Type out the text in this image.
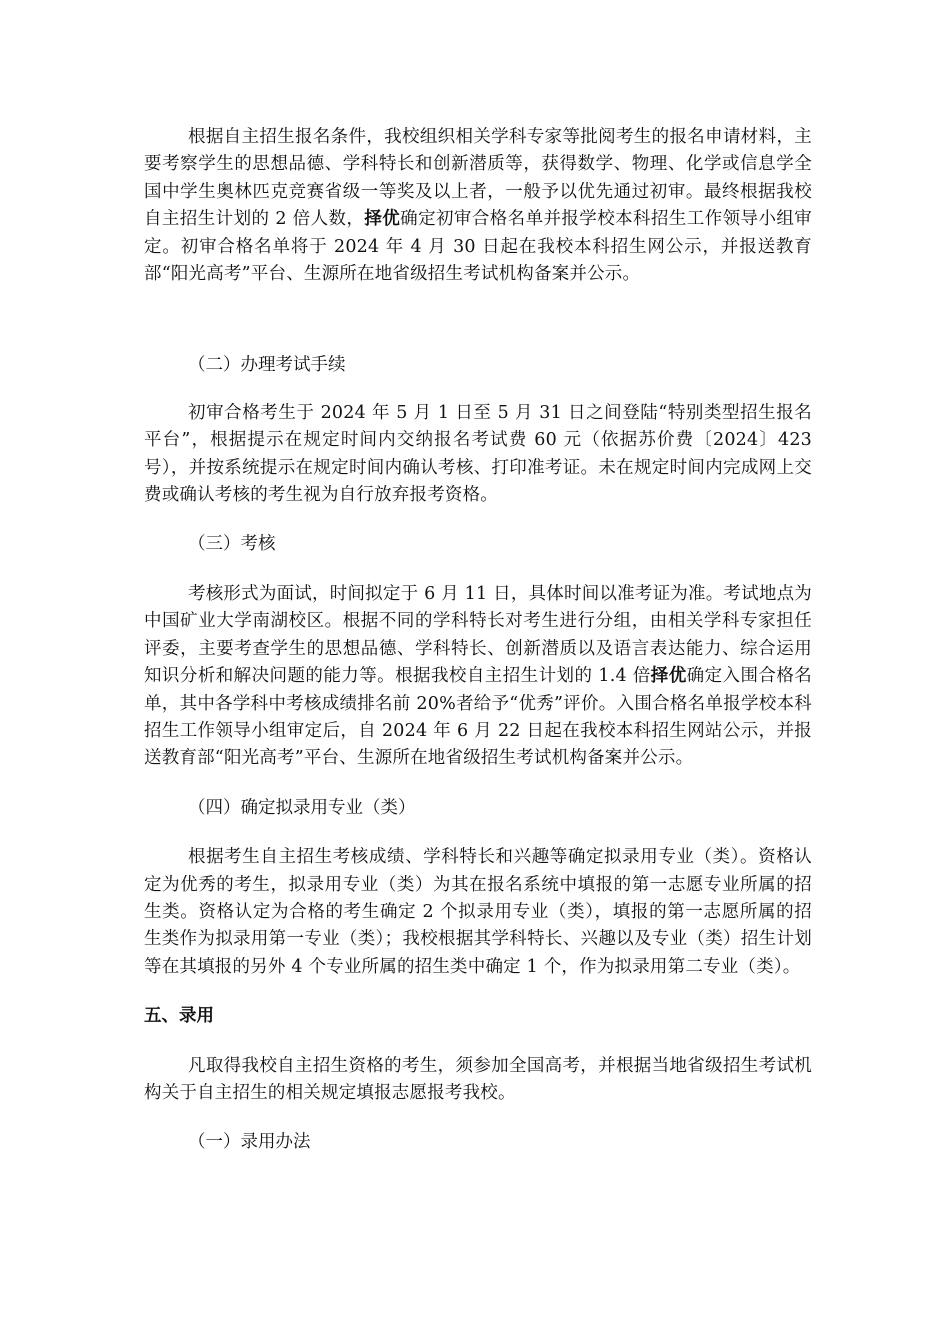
根据自主招生报名条件，我校组织相关学科专家等批阅考生的报名申请材料，主要考察学生的思想品德、学科特长和创新潜质等，获得数学、物理、化学或信息学全国中学生奥林匹克竞赛省级一等奖及以上者，一般予以优先通过初审。最终根据我校自主招生计划的 2 倍人数，择优确定初审合格名单并报学校本科招生工作领导小组审定。初审合格名单将于 2024 年 4 月 30 日起在我校本科招生网公示，并报送教育部“阳光高考”平台、生源所在地省级招生考试机构备案并公示。

（二）办理考试手续

初审合格考生于 2024 年 5 月 1 日至 5 月 31 日之间登陆“特别类型招生报名平台”，根据提示在规定时间内交纳报名考试费 60 元（依据苏价费〔2024〕423 号），并按系统提示在规定时间内确认考核、打印准考证。未在规定时间内完成网上交费或确认考核的考生视为自行放弃报考资格。

（三）考核

考核形式为面试，时间拟定于 6 月 11 日，具体时间以准考证为准。考试地点为中国矿业大学南湖校区。根据不同的学科特长对考生进行分组，由相关学科专家担任评委，主要考查学生的思想品德、学科特长、创新潜质以及语言表达能力、综合运用知识分析和解决问题的能力等。根据我校自主招生计划的 1.4 倍择优确定入围合格名单，其中各学科中考核成绩排名前 20%者给予“优秀”评价。入围合格名单报学校本科招生工作领导小组审定后，自 2024 年 6 月 22 日起在我校本科招生网站公示，并报送教育部“阳光高考”平台、生源所在地省级招生考试机构备案并公示。

（四）确定拟录用专业（类）

根据考生自主招生考核成绩、学科特长和兴趣等确定拟录用专业（类）。资格认定为优秀的考生，拟录用专业（类）为其在报名系统中填报的第一志愿专业所属的招生类。资格认定为合格的考生确定 2 个拟录用专业（类），填报的第一志愿所属的招生类作为拟录用第一专业（类）；我校根据其学科特长、兴趣以及专业（类）招生计划等在其填报的另外 4 个专业所属的招生类中确定 1 个，作为拟录用第二专业（类）。

五、录用

凡取得我校自主招生资格的考生，须参加全国高考，并根据当地省级招生考试机构关于自主招生的相关规定填报志愿报考我校。

（一）录用办法
